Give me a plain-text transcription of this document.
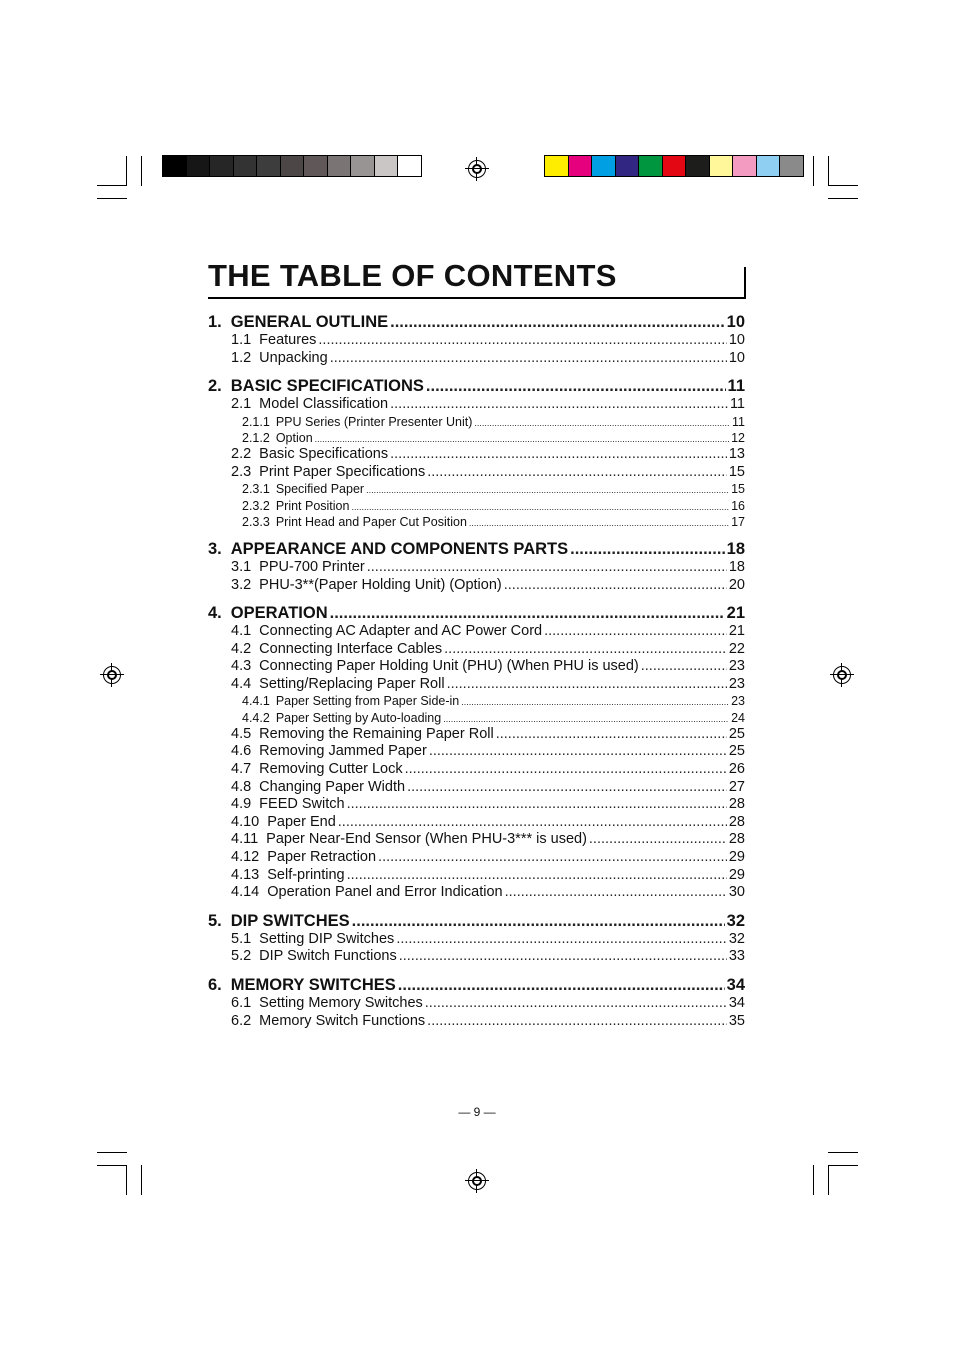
THE TABLE OF CONTENTS
1. GENERAL OUTLINE .....	10
1.1 Features .....	10
1.2 Unpacking .....	10
2. BASIC SPECIFICATIONS .....	11
2.1 Model Classification .....	11
2.1.1 PPU Series (Printer Presenter Unit) .....	11
2.1.2 Option .....	12
2.2 Basic Specifications .....	13
2.3 Print Paper Specifications .....	15
2.3.1 Specified Paper .....	15
2.3.2 Print Position .....	16
2.3.3 Print Head and Paper Cut Position .....	17
3. APPEARANCE AND COMPONENTS PARTS .....	18
3.1 PPU-700 Printer .....	18
3.2 PHU-3**(Paper Holding Unit) (Option) .....	20
4. OPERATION .....	21
4.1 Connecting AC Adapter and AC Power Cord .....	21
4.2 Connecting Interface Cables .....	22
4.3 Connecting Paper Holding Unit (PHU) (When PHU is used) .....	23
4.4 Setting/Replacing Paper Roll .....	23
4.4.1 Paper Setting from Paper Side-in .....	23
4.4.2 Paper Setting by Auto-loading .....	24
4.5 Removing the Remaining Paper Roll .....	25
4.6 Removing Jammed Paper .....	25
4.7 Removing Cutter Lock .....	26
4.8 Changing Paper Width .....	27
4.9 FEED Switch .....	28
4.10 Paper End .....	28
4.11 Paper Near-End Sensor (When PHU-3*** is used) .....	28
4.12 Paper Retraction .....	29
4.13 Self-printing .....	29
4.14 Operation Panel and Error Indication .....	30
5. DIP SWITCHES .....	32
5.1 Setting DIP Switches .....	32
5.2 DIP Switch Functions .....	33
6. MEMORY SWITCHES .....	34
6.1 Setting Memory Switches .....	34
6.2 Memory Switch Functions .....	35
— 9 —
